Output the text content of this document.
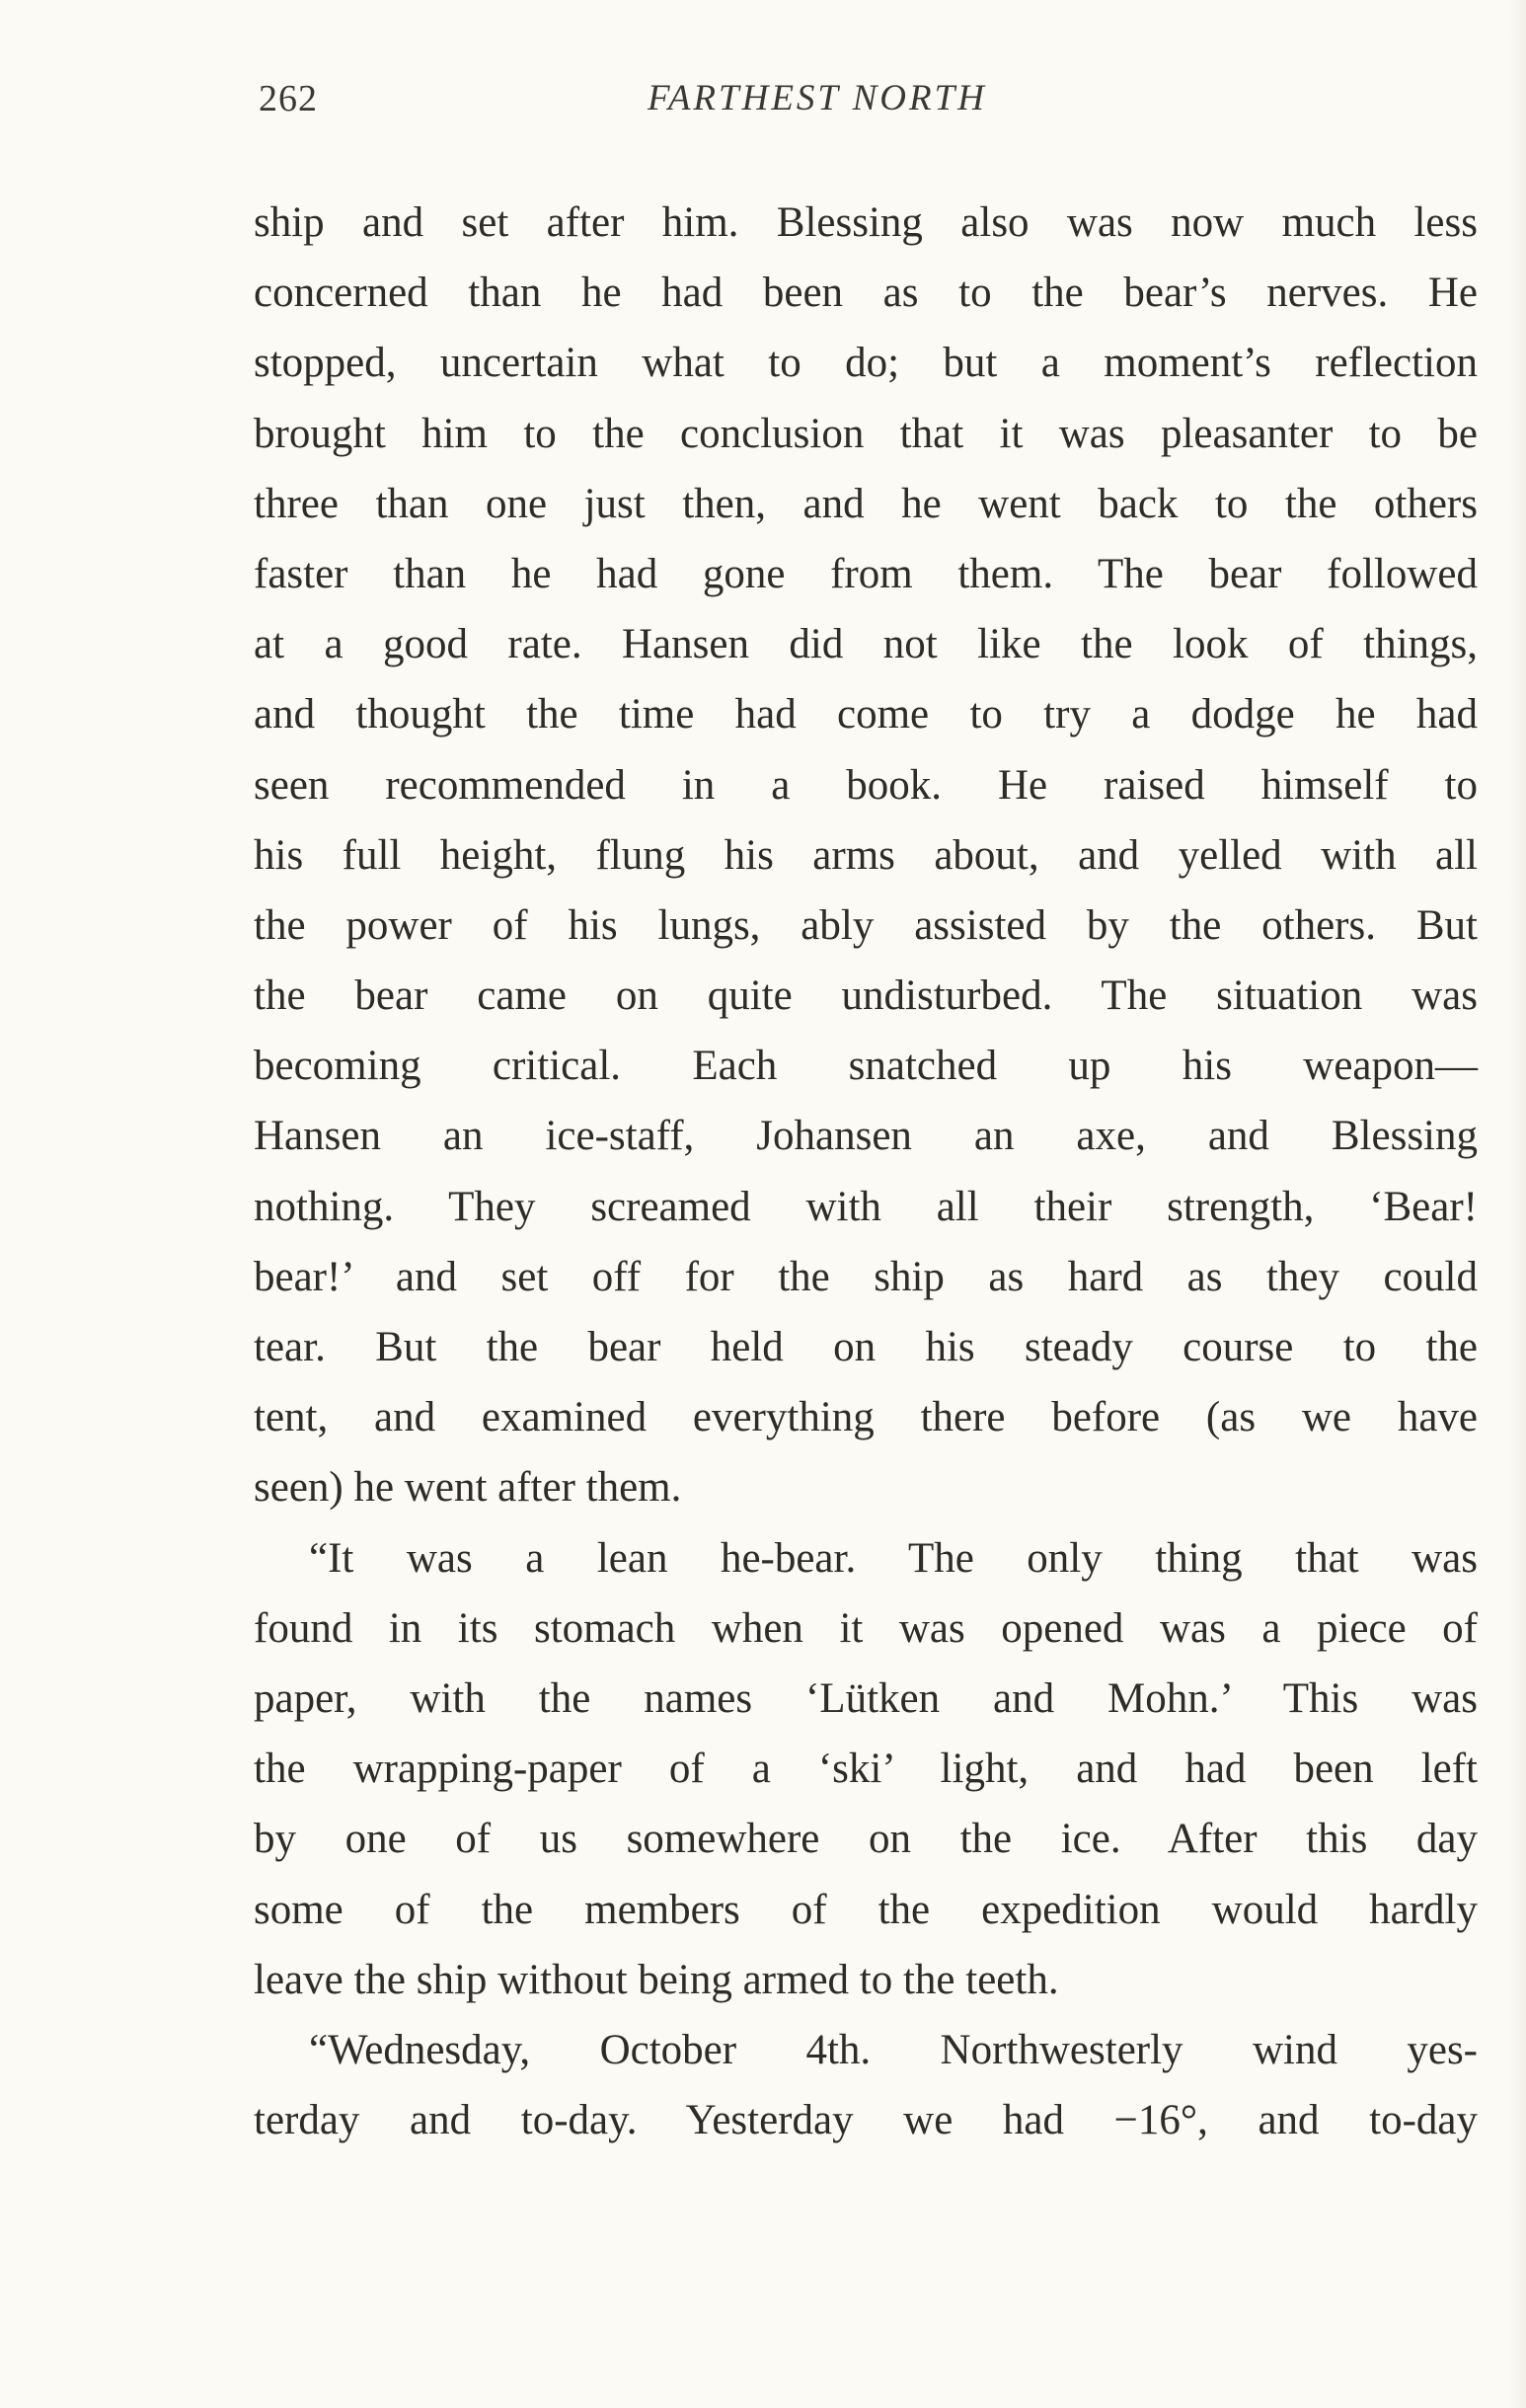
262	FARTHEST NORTH
ship and set after him. Blessing also was now much less
concerned than he had been as to the bear’s nerves. He
stopped, uncertain what to do; but a moment’s reflection
brought him to the conclusion that it was pleasanter to be
three than one just then, and he went back to the others
faster than he had gone from them. The bear followed
at a good rate. Hansen did not like the look of things,
and thought the time had come to try a dodge he had
seen recommended in a book. He raised himself to
his full height, flung his arms about, and yelled with all
the power of his lungs, ably assisted by the others. But
the bear came on quite undisturbed. The situation was
becoming critical. Each snatched up his weapon—
Hansen an ice-staff, Johansen an axe, and Blessing
nothing. They screamed with all their strength, ‘Bear!
bear!’ and set off for the ship as hard as they could
tear. But the bear held on his steady course to the
tent, and examined everything there before (as we have
seen) he went after them.
“It was a lean he-bear. The only thing that was
found in its stomach when it was opened was a piece of
paper, with the names ‘Lütken and Mohn.’ This was
the wrapping-paper of a ‘ski’ light, and had been left
by one of us somewhere on the ice. After this day
some of the members of the expedition would hardly
leave the ship without being armed to the teeth.
“Wednesday, October 4th. Northwesterly wind yes-
terday and to-day. Yesterday we had −16°, and to-day
